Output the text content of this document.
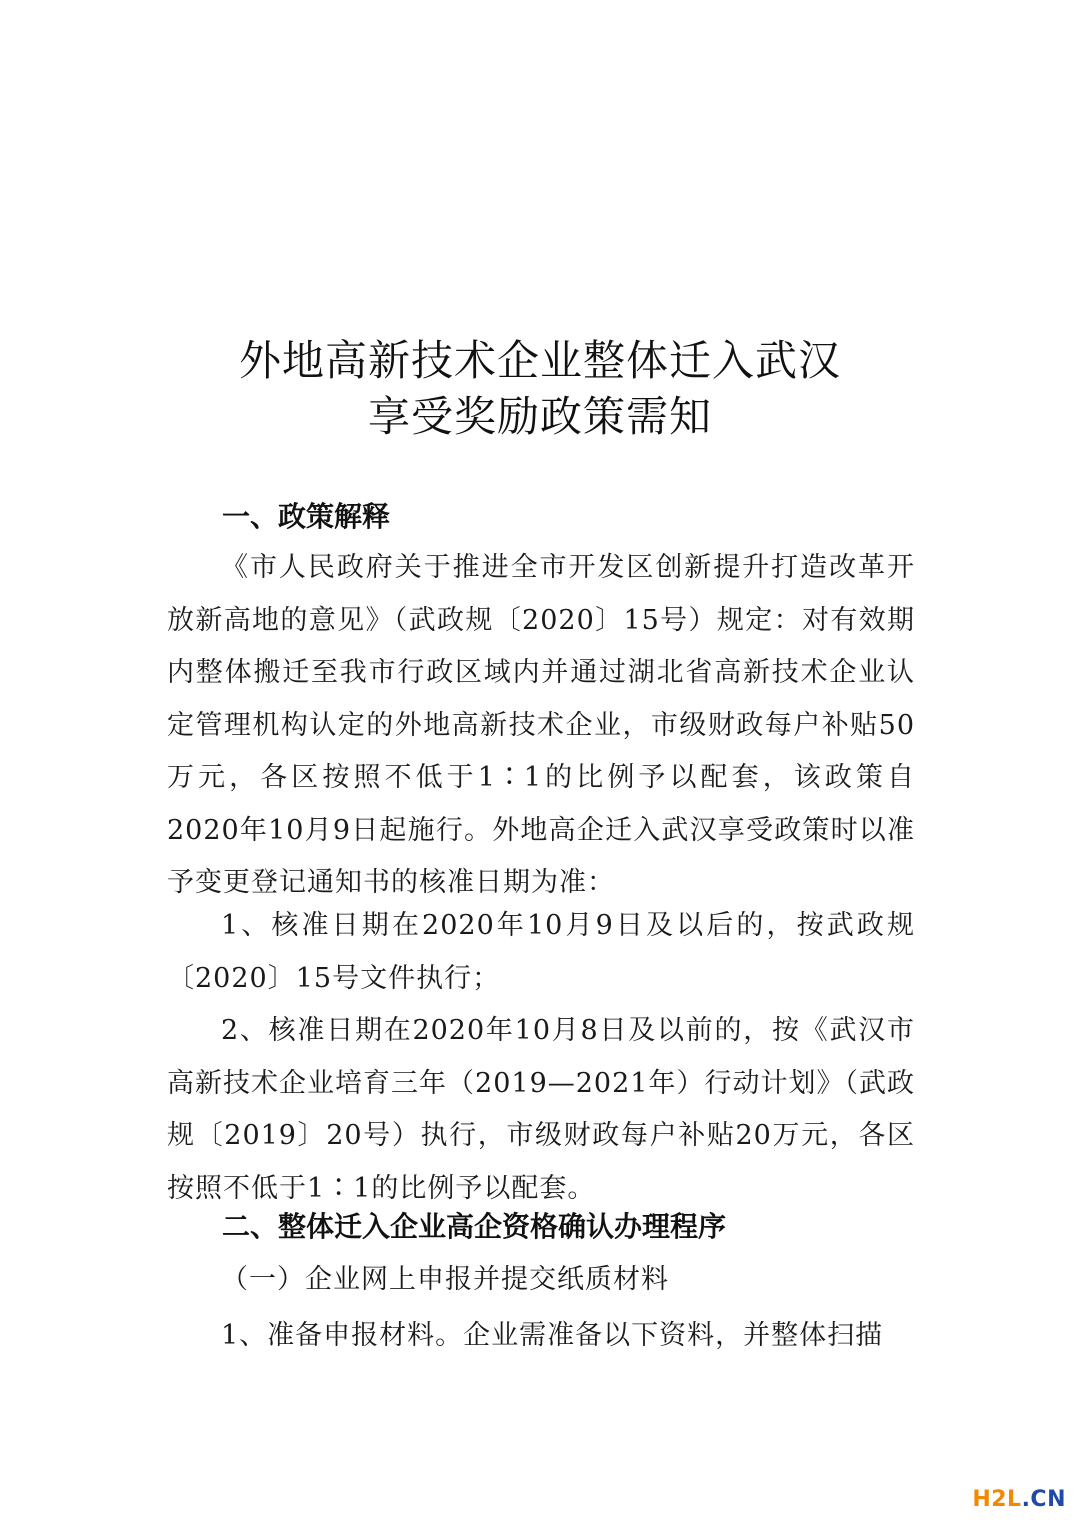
外地高新技术企业整体迁入武汉
享受奖励政策需知
一、政策解释
《市人民政府关于推进全市开发区创新提升打造改革开放新高地的意见》（武政规〔2020〕15号）规定：对有效期内整体搬迁至我市行政区域内并通过湖北省高新技术企业认定管理机构认定的外地高新技术企业，市级财政每户补贴50万元，各区按照不低于1∶1的比例予以配套，该政策自2020年10月9日起施行。外地高企迁入武汉享受政策时以准予变更登记通知书的核准日期为准：
1、核准日期在2020年10月9日及以后的，按武政规〔2020〕15号文件执行；
2、核准日期在2020年10月8日及以前的，按《武汉市高新技术企业培育三年（2019—2021年）行动计划》（武政规〔2019〕20号）执行，市级财政每户补贴20万元，各区按照不低于1∶1的比例予以配套。
二、整体迁入企业高企资格确认办理程序
（一）企业网上申报并提交纸质材料
1、准备申报材料。企业需准备以下资料，并整体扫描
H2L.CN
